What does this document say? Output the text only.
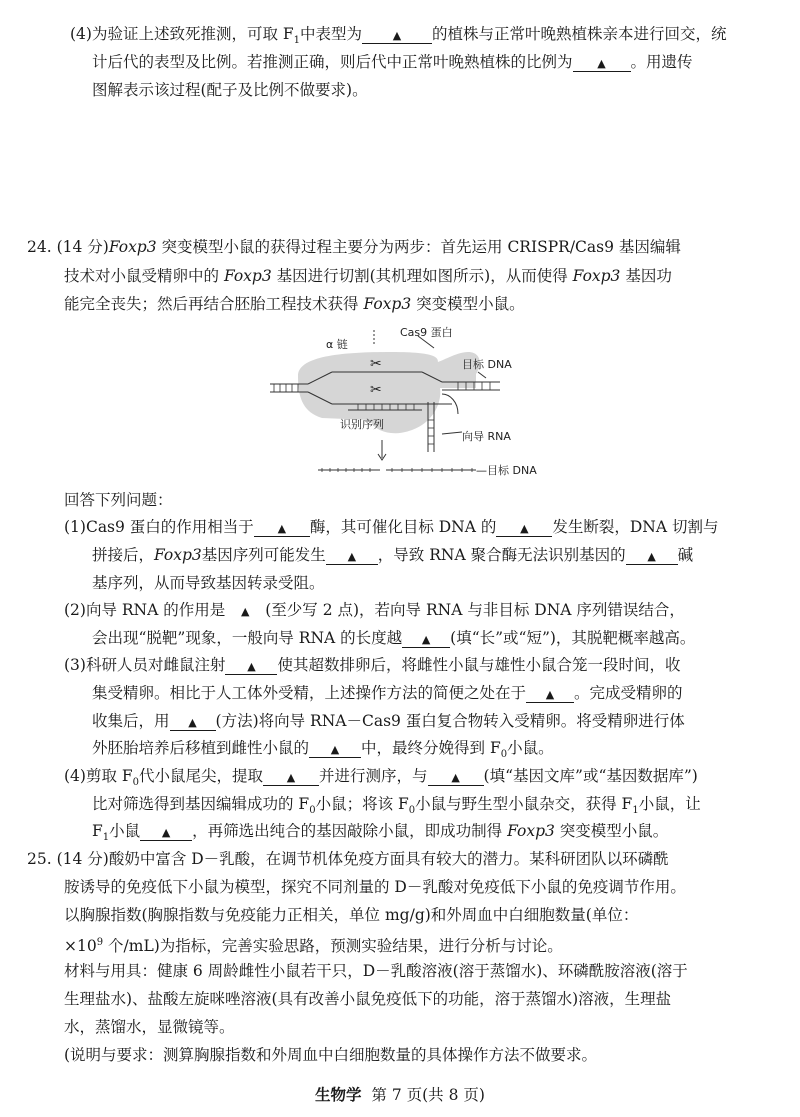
(4)为验证上述致死推测，可取 $F_1$中表型为	▲ 的植株与正常叶晚熟植株亲本进行回交，统
计后代的表型及比例。若推测正确，则后代中正常叶晚熟植株的比例为 ▲ 。用遗传
图解表示该过程(配子及比例不做要求)。
24. (14 分)Foxp3 突变模型小鼠的获得过程主要分为两步：首先运用 CRISPR/Cas9 基因编辑
技术对小鼠受精卵中的 Foxp3 基因进行切割(其机理如图所示)，从而使得 Foxp3 基因功
能完全丧失；然后再结合胚胎工程技术获得 Foxp3 突变模型小鼠。
✂
✂
Cas9 蛋白
α 链
目标 DNA
识别序列
向导 RNA
—目标 DNA
回答下列问题：
(1)Cas9 蛋白的作用相当于 ▲ 酶，其可催化目标 DNA 的 ▲ 发生断裂，DNA 切割与
拼接后，Foxp3基因序列可能发生 ▲ ，导致 RNA 聚合酶无法识别基因的 ▲ 碱
基序列，从而导致基因转录受阻。
(2)向导 RNA 的作用是 ▲ (至少写 2 点)，若向导 RNA 与非目标 DNA 序列错误结合，
会出现“脱靶”现象，一般向导 RNA 的长度越 ▲ (填“长”或“短”)，其脱靶概率越高。
(3)科研人员对雌鼠注射 ▲ 使其超数排卵后，将雌性小鼠与雄性小鼠合笼一段时间，收
集受精卵。相比于人工体外受精，上述操作方法的简便之处在于 ▲ 。完成受精卵的
收集后，用 ▲ (方法)将向导 RNA－Cas9 蛋白复合物转入受精卵。将受精卵进行体
外胚胎培养后移植到雌性小鼠的 ▲ 中，最终分娩得到 $F_0$小鼠。
(4)剪取 $F_0$代小鼠尾尖，提取 ▲ 并进行测序，与 ▲ (填“基因文库”或“基因数据库”)
比对筛选得到基因编辑成功的 $F_0$小鼠；将该 $F_0$小鼠与野生型小鼠杂交，获得 $F_1$小鼠，让
$F_1$小鼠 ▲ ，再筛选出纯合的基因敲除小鼠，即成功制得 Foxp3 突变模型小鼠。
25. (14 分)酸奶中富含 D－乳酸，在调节机体免疫方面具有较大的潜力。某科研团队以环磷酰
胺诱导的免疫低下小鼠为模型，探究不同剂量的 D－乳酸对免疫低下小鼠的免疫调节作用。
以胸腺指数(胸腺指数与免疫能力正相关，单位 mg/g)和外周血中白细胞数量(单位：
$\times 10^9$ 个/mL)为指标，完善实验思路，预测实验结果，进行分析与讨论。
材料与用具：健康 6 周龄雌性小鼠若干只，D－乳酸溶液(溶于蒸馏水)、环磷酰胺溶液(溶于
生理盐水)、盐酸左旋咪唑溶液(具有改善小鼠免疫低下的功能，溶于蒸馏水)溶液，生理盐
水，蒸馏水，显微镜等。
(说明与要求：测算胸腺指数和外周血中白细胞数量的具体操作方法不做要求。
生物学 第 7 页(共 8 页)
